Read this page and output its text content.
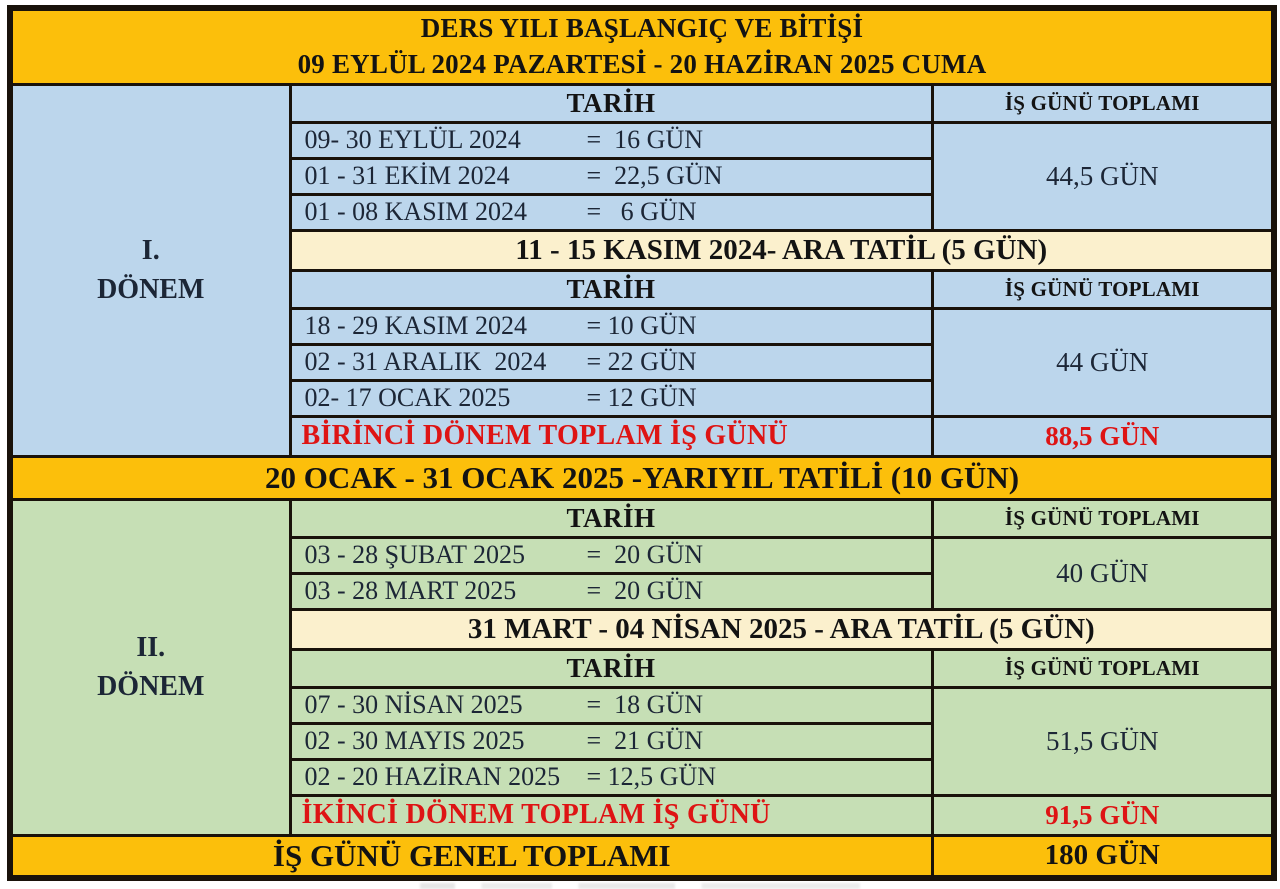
DERS YILI BAŞLANGIÇ VE BİTİŞİ
09 EYLÜL 2024 PAZARTESİ - 20 HAZİRAN 2025 CUMA		

I.
DÖNEM	TARİH	İŞ GÜNÜ TOPLAMI
	09- 30 EYLÜL 2024 =  16 GÜN	44,5 GÜN
	01 - 31 EKİM 2024 =  22,5 GÜN	
	01 - 08 KASIM 2024 =   6 GÜN	
	11 - 15 KASIM 2024- ARA TATİL (5 GÜN)	
	TARİH	İŞ GÜNÜ TOPLAMI
	18 - 29 KASIM 2024 = 10 GÜN	44 GÜN
	02 - 31 ARALIK  2024 = 22 GÜN	
	02- 17 OCAK 2025 = 12 GÜN	
	BİRİNCİ DÖNEM TOPLAM İŞ GÜNÜ	88,5 GÜN
20 OCAK - 31 OCAK 2025 -YARIYIL TATİLİ (10 GÜN)		

II.
DÖNEM	TARİH	İŞ GÜNÜ TOPLAMI
	03 - 28 ŞUBAT 2025 =  20 GÜN	40 GÜN
	03 - 28 MART 2025 =  20 GÜN	
	31 MART - 04 NİSAN 2025 - ARA TATİL (5 GÜN)	
	TARİH	İŞ GÜNÜ TOPLAMI
	07 - 30 NİSAN 2025 =  18 GÜN	51,5 GÜN
	02 - 30 MAYIS 2025 =  21 GÜN	
	02 - 20 HAZİRAN 2025 = 12,5 GÜN	
	İKİNCİ DÖNEM TOPLAM İŞ GÜNÜ	91,5 GÜN
İŞ GÜNÜ GENEL TOPLAMI		180 GÜN
